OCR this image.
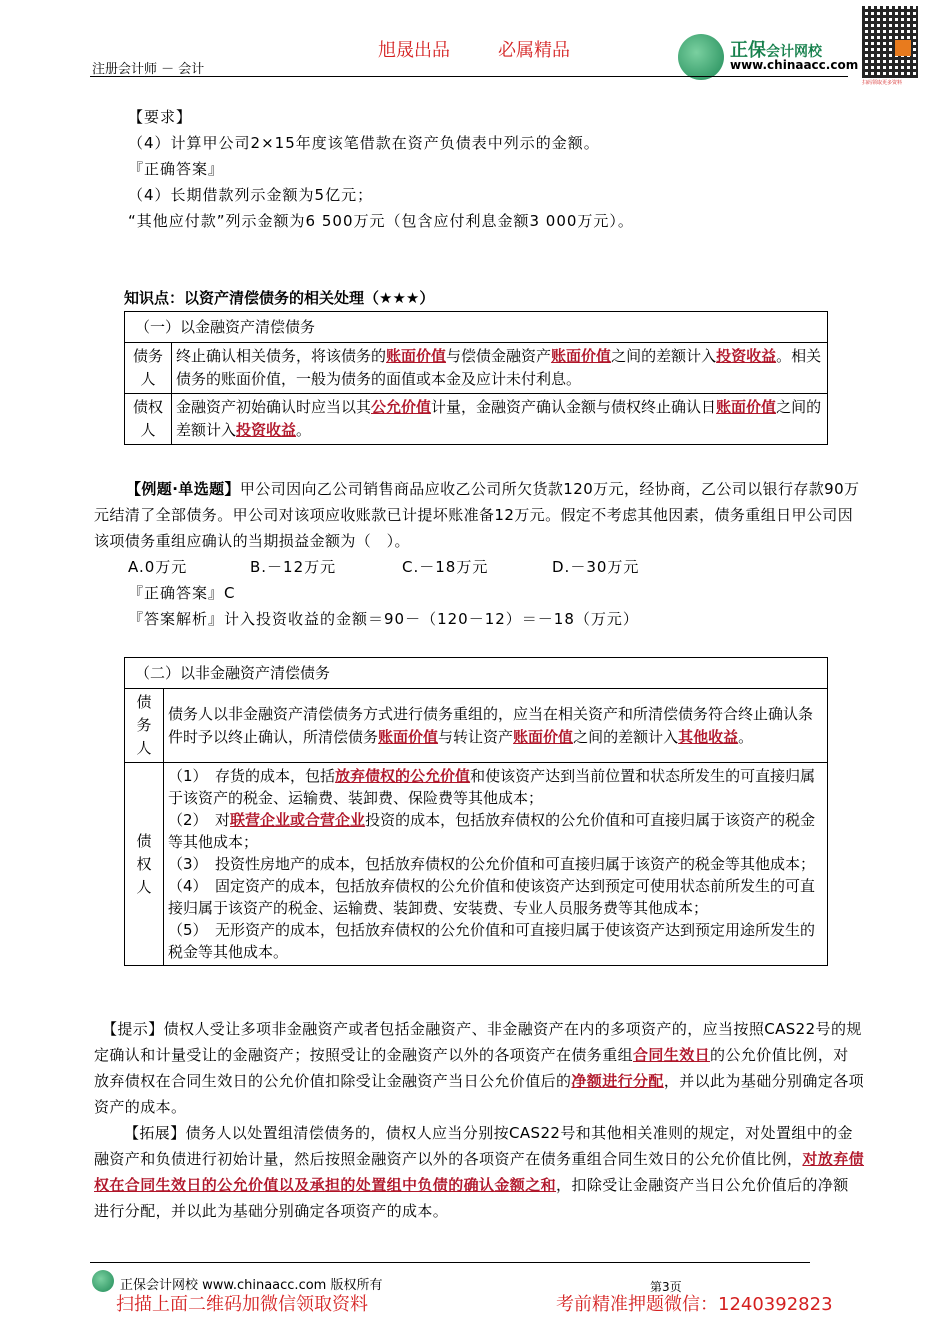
旭晟出品	必属精品
注册会计师 － 会计
正保会计网校
www.chinaacc.com
扫码领取更多资料
【要求】
（4）计算甲公司2×15年度该笔借款在资产负债表中列示的金额。
『正确答案』
（4）长期借款列示金额为5亿元；
“其他应付款”列示金额为6 500万元（包含应付利息金额3 000万元）。
知识点：以资产清偿债务的相关处理（★★★）
（一）以金融资产清偿债务	
债务人	终止确认相关债务，将该债务的账面价值与偿债金融资产账面价值之间的差额计入投资收益。相关债务的账面价值，一般为债务的面值或本金及应计未付利息。
债权人	金融资产初始确认时应当以其公允价值计量，金融资产确认金额与债权终止确认日账面价值之间的差额计入投资收益。
【例题·单选题】甲公司因向乙公司销售商品应收乙公司所欠货款120万元，经协商，乙公司以银行存款90万元结清了全部债务。甲公司对该项应收账款已计提坏账准备12万元。假定不考虑其他因素，债务重组日甲公司因该项债务重组应确认的当期损益金额为（　）。
A.0万元	B.－12万元	C.－18万元	D.－30万元
『正确答案』C
『答案解析』计入投资收益的金额＝90－（120－12）＝－18（万元）
（二）以非金融资产清偿债务	
债务人	债务人以非金融资产清偿债务方式进行债务重组的，应当在相关资产和所清偿债务符合终止确认条件时予以终止确认，所清偿债务账面价值与转让资产账面价值之间的差额计入其他收益。
债权人	（1）　存货的成本，包括放弃债权的公允价值和使该资产达到当前位置和状态所发生的可直接归属于该资产的税金、运输费、装卸费、保险费等其他成本；
（2）　对联营企业或合营企业投资的成本，包括放弃债权的公允价值和可直接归属于该资产的税金等其他成本；
（3）　投资性房地产的成本，包括放弃债权的公允价值和可直接归属于该资产的税金等其他成本；
（4）　固定资产的成本，包括放弃债权的公允价值和使该资产达到预定可使用状态前所发生的可直接归属于该资产的税金、运输费、装卸费、安装费、专业人员服务费等其他成本；
（5）　无形资产的成本，包括放弃债权的公允价值和可直接归属于使该资产达到预定用途所发生的税金等其他成本。
【提示】债权人受让多项非金融资产或者包括金融资产、非金融资产在内的多项资产的，应当按照CAS22号的规定确认和计量受让的金融资产；按照受让的金融资产以外的各项资产在债务重组合同生效日的公允价值比例，对放弃债权在合同生效日的公允价值扣除受让金融资产当日公允价值后的净额进行分配，并以此为基础分别确定各项资产的成本。
【拓展】债务人以处置组清偿债务的，债权人应当分别按CAS22号和其他相关准则的规定，对处置组中的金融资产和负债进行初始计量，然后按照金融资产以外的各项资产在债务重组合同生效日的公允价值比例，对放弃债权在合同生效日的公允价值以及承担的处置组中负债的确认金额之和，扣除受让金融资产当日公允价值后的净额进行分配，并以此为基础分别确定各项资产的成本。
正保会计网校 www.chinaacc.com 版权所有	第3页
扫描上面二维码加微信领取资料	考前精准押题微信：1240392823
